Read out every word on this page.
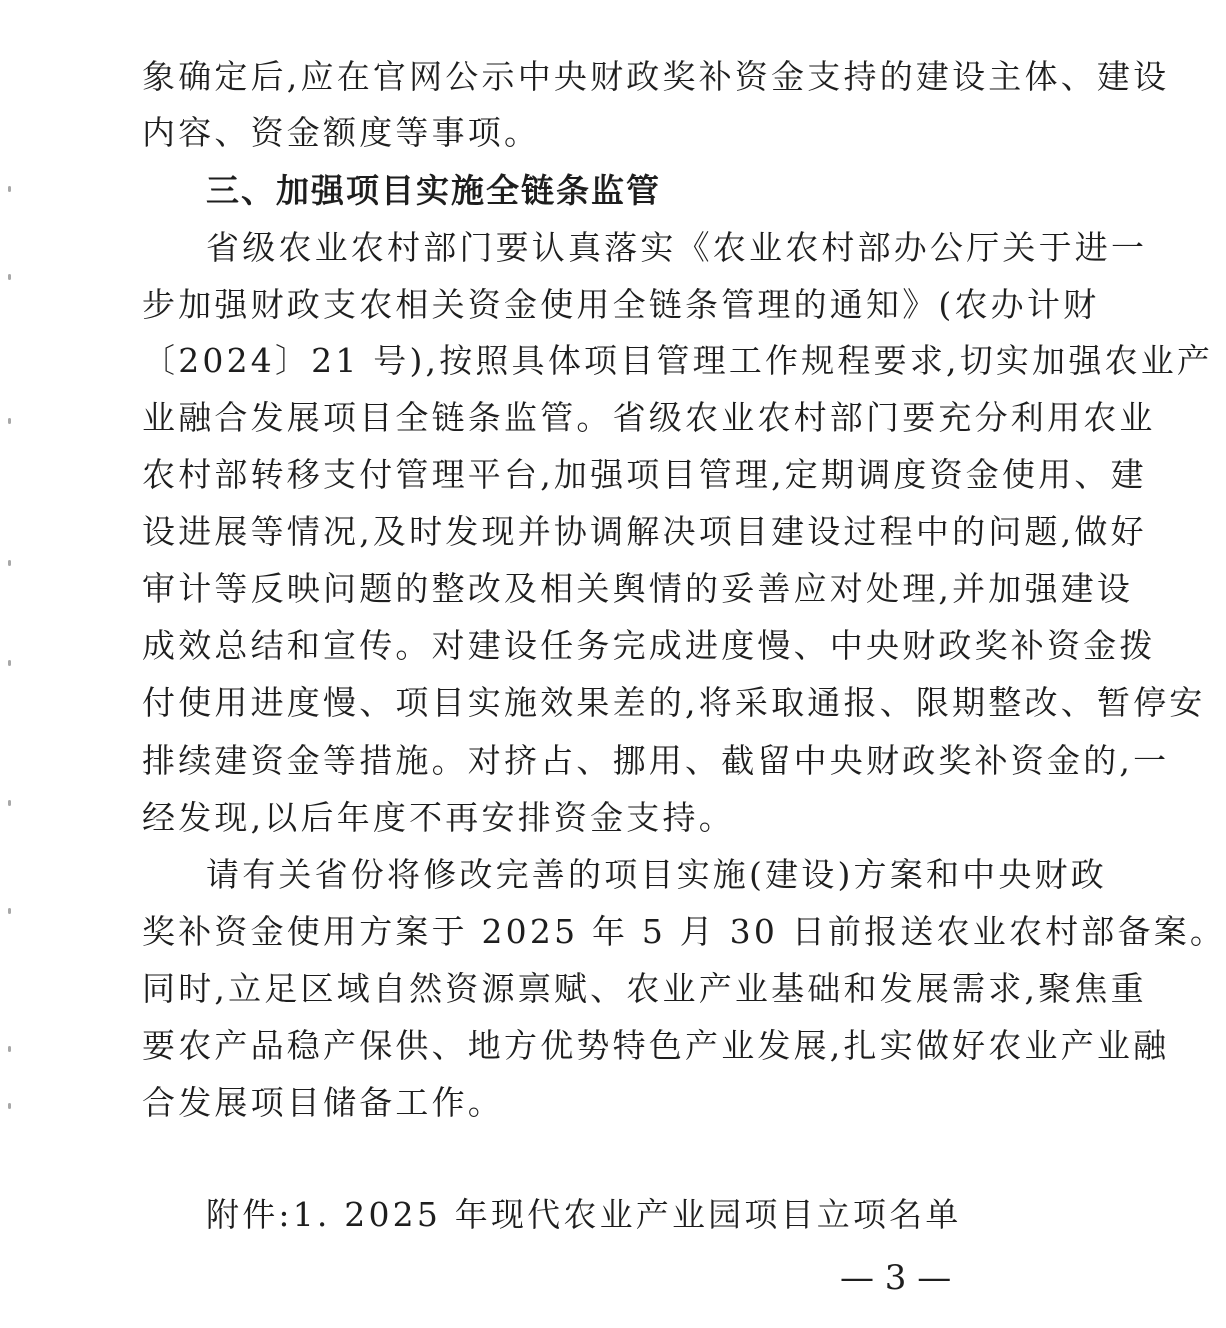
象确定后,应在官网公示中央财政奖补资金支持的建设主体、建设
内容、资金额度等事项。
三、加强项目实施全链条监管
省级农业农村部门要认真落实《农业农村部办公厅关于进一
步加强财政支农相关资金使用全链条管理的通知》(农办计财
〔2024〕21 号),按照具体项目管理工作规程要求,切实加强农业产
业融合发展项目全链条监管。省级农业农村部门要充分利用农业
农村部转移支付管理平台,加强项目管理,定期调度资金使用、建
设进展等情况,及时发现并协调解决项目建设过程中的问题,做好
审计等反映问题的整改及相关舆情的妥善应对处理,并加强建设
成效总结和宣传。对建设任务完成进度慢、中央财政奖补资金拨
付使用进度慢、项目实施效果差的,将采取通报、限期整改、暂停安
排续建资金等措施。对挤占、挪用、截留中央财政奖补资金的,一
经发现,以后年度不再安排资金支持。
请有关省份将修改完善的项目实施(建设)方案和中央财政
奖补资金使用方案于 2025 年 5 月 30 日前报送农业农村部备案。
同时,立足区域自然资源禀赋、农业产业基础和发展需求,聚焦重
要农产品稳产保供、地方优势特色产业发展,扎实做好农业产业融
合发展项目储备工作。
附件:1. 2025 年现代农业产业园项目立项名单
— 3 —
